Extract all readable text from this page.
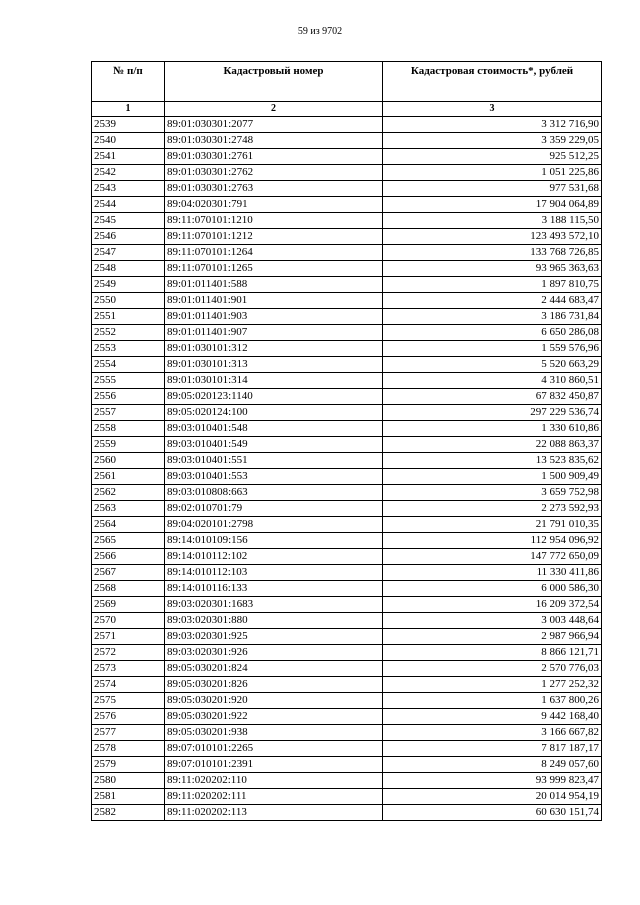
59 из 9702
№ п/п	Кадастровый номер	Кадастровая стоимость*, рублей
1	2	3
2539	89:01:030301:2077	3 312 716,90
2540	89:01:030301:2748	3 359 229,05
2541	89:01:030301:2761	925 512,25
2542	89:01:030301:2762	1 051 225,86
2543	89:01:030301:2763	977 531,68
2544	89:04:020301:791	17 904 064,89
2545	89:11:070101:1210	3 188 115,50
2546	89:11:070101:1212	123 493 572,10
2547	89:11:070101:1264	133 768 726,85
2548	89:11:070101:1265	93 965 363,63
2549	89:01:011401:588	1 897 810,75
2550	89:01:011401:901	2 444 683,47
2551	89:01:011401:903	3 186 731,84
2552	89:01:011401:907	6 650 286,08
2553	89:01:030101:312	1 559 576,96
2554	89:01:030101:313	5 520 663,29
2555	89:01:030101:314	4 310 860,51
2556	89:05:020123:1140	67 832 450,87
2557	89:05:020124:100	297 229 536,74
2558	89:03:010401:548	1 330 610,86
2559	89:03:010401:549	22 088 863,37
2560	89:03:010401:551	13 523 835,62
2561	89:03:010401:553	1 500 909,49
2562	89:03:010808:663	3 659 752,98
2563	89:02:010701:79	2 273 592,93
2564	89:04:020101:2798	21 791 010,35
2565	89:14:010109:156	112 954 096,92
2566	89:14:010112:102	147 772 650,09
2567	89:14:010112:103	11 330 411,86
2568	89:14:010116:133	6 000 586,30
2569	89:03:020301:1683	16 209 372,54
2570	89:03:020301:880	3 003 448,64
2571	89:03:020301:925	2 987 966,94
2572	89:03:020301:926	8 866 121,71
2573	89:05:030201:824	2 570 776,03
2574	89:05:030201:826	1 277 252,32
2575	89:05:030201:920	1 637 800,26
2576	89:05:030201:922	9 442 168,40
2577	89:05:030201:938	3 166 667,82
2578	89:07:010101:2265	7 817 187,17
2579	89:07:010101:2391	8 249 057,60
2580	89:11:020202:110	93 999 823,47
2581	89:11:020202:111	20 014 954,19
2582	89:11:020202:113	60 630 151,74
